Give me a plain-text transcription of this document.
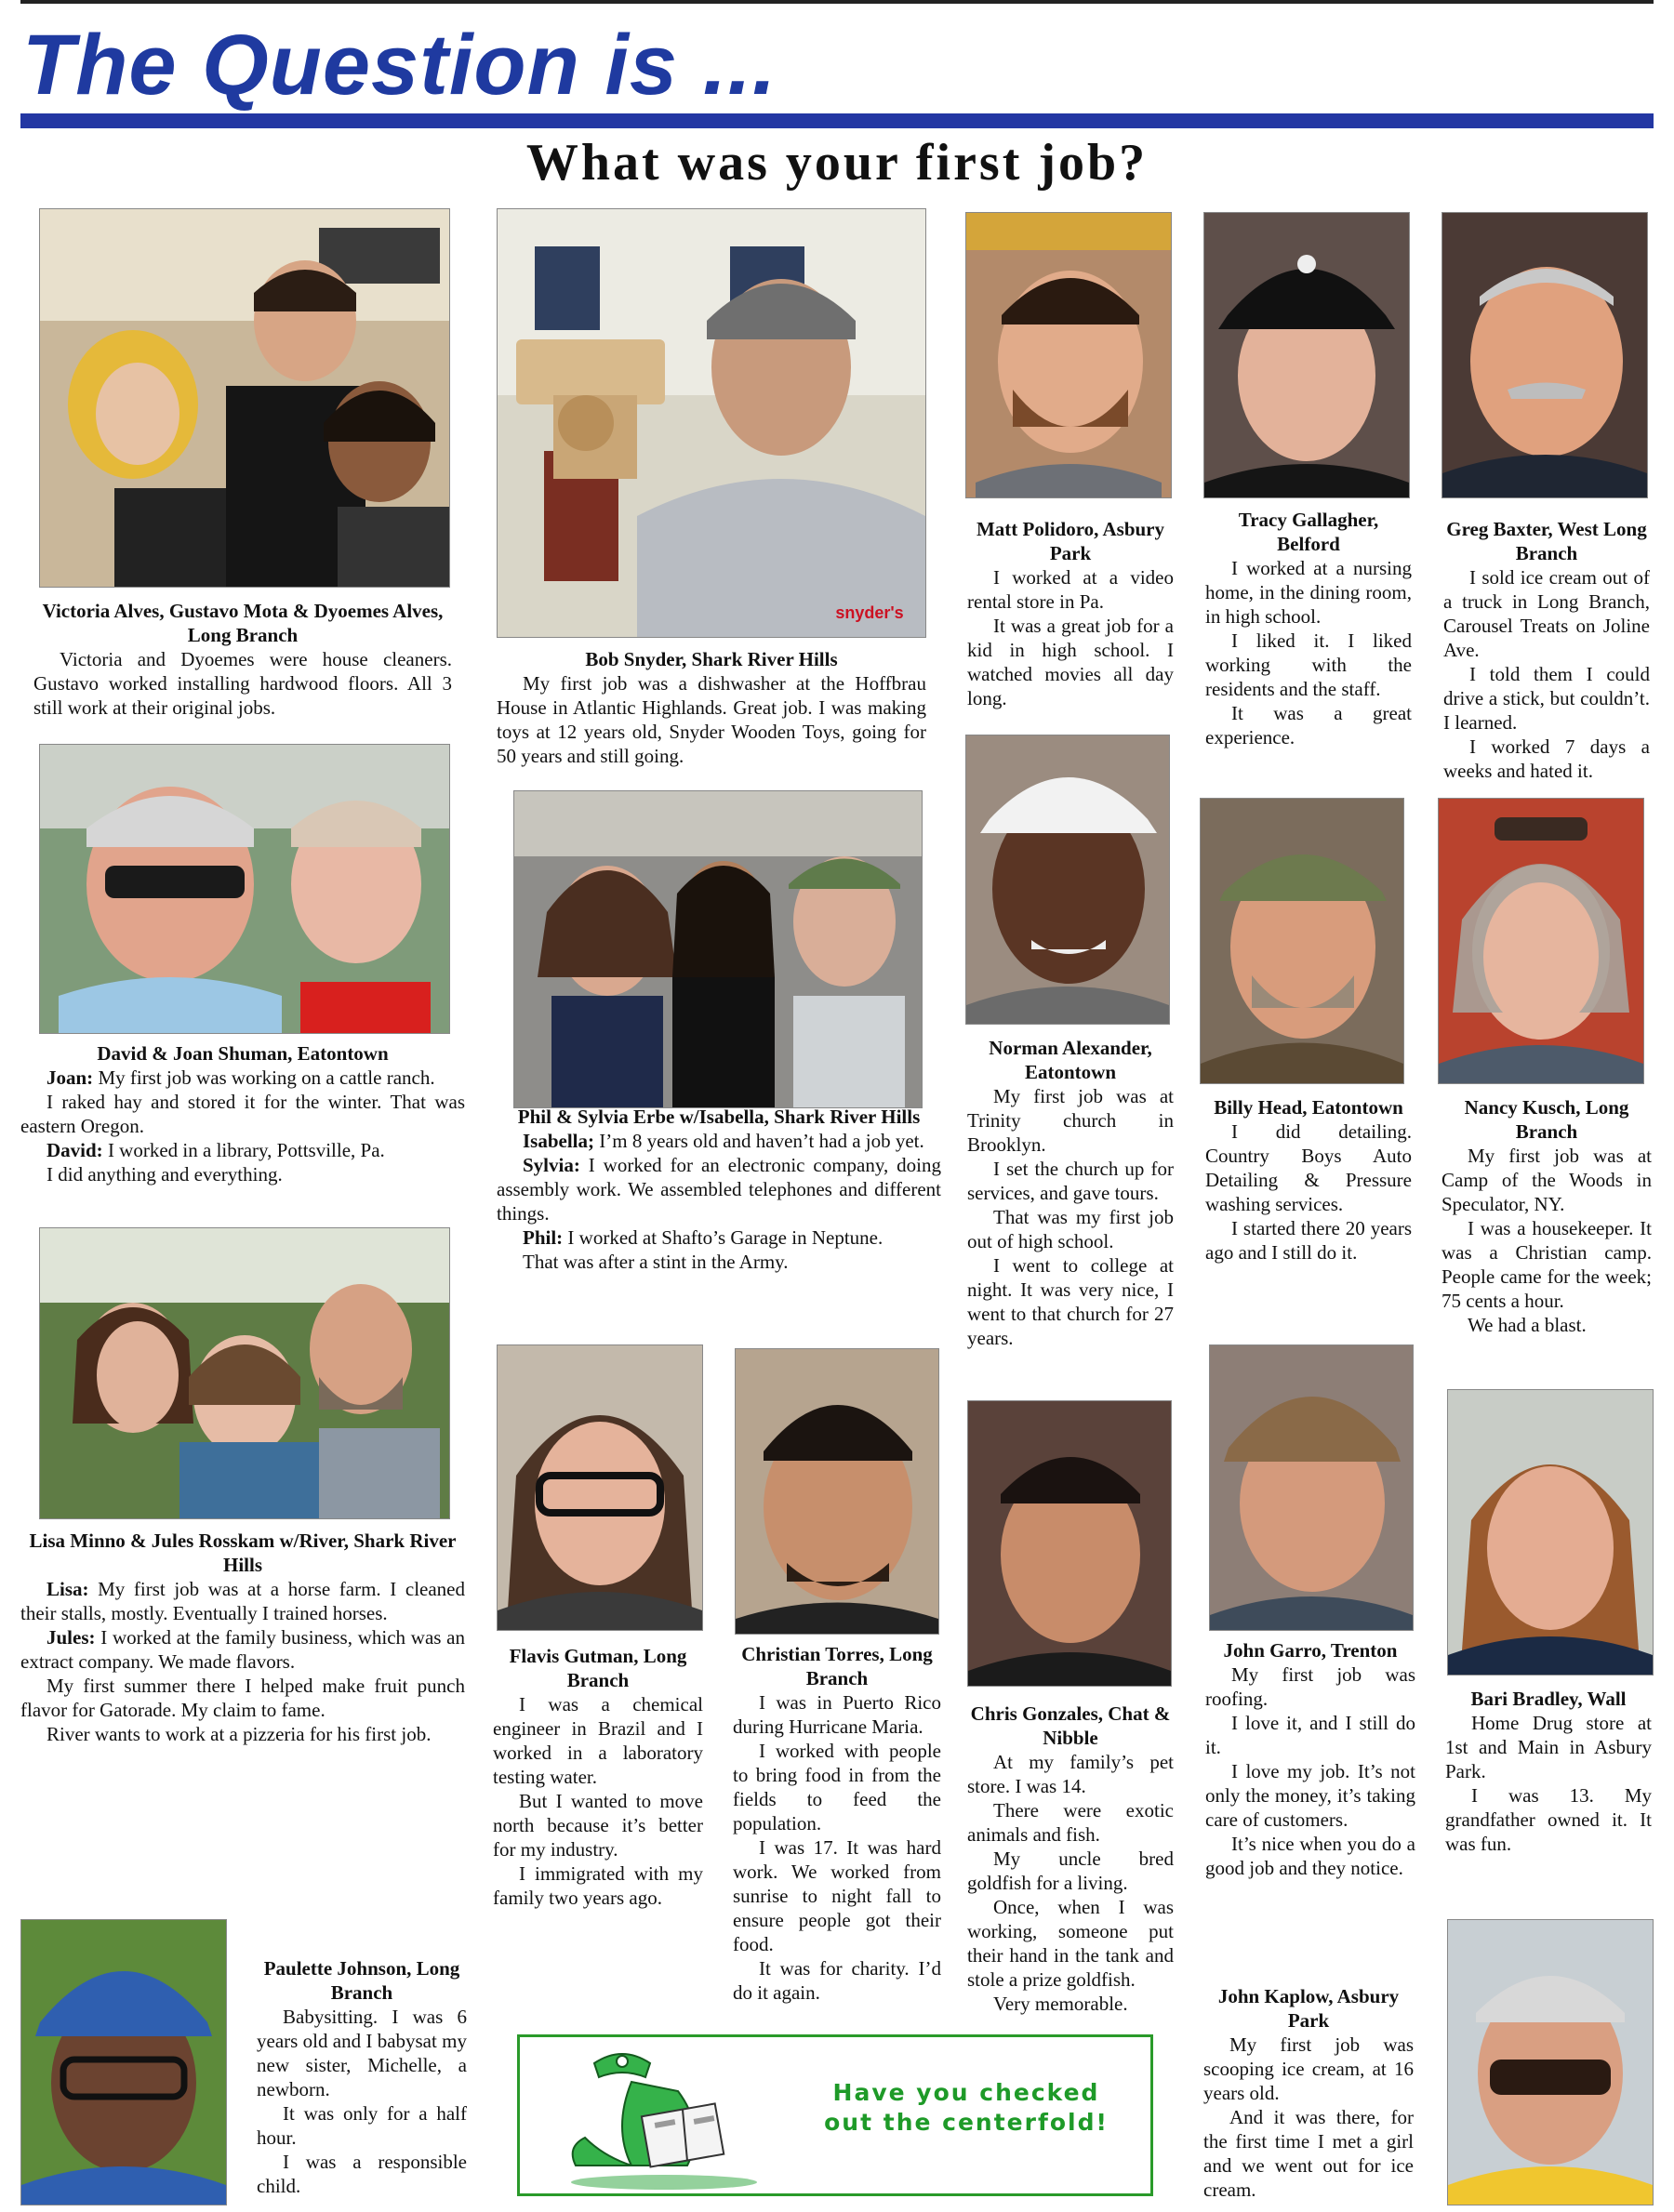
The Question is ...
What was your first job?
snyder's
Victoria Alves, Gustavo Mota & Dyoemes Alves, Long Branch
Victoria and Dyoemes were house cleaners. Gustavo worked installing hardwood floors. All 3 still work at their original jobs.
Bob Snyder, Shark River Hills
My first job was a dishwasher at the Hoffbrau House in Atlantic Highlands. Great job. I was making toys at 12 years old, Snyder Wooden Toys, going for 50 years and still going.
Matt Polidoro, Asbury Park
I worked at a video rental store in Pa.
It was a great job for a kid in high school. I watched movies all day long.
Tracy Gallagher, Belford
I worked at a nursing home, in the dining room, in high school.
I liked it. I liked working with the residents and the staff.
It was a great experience.
Greg Baxter, West Long Branch
I sold ice cream out of a truck in Long Branch, Carousel Treats on Joline Ave.
I told them I could drive a stick, but couldn’t. I learned.
I worked 7 days a weeks and hated it.
David & Joan Shuman, Eatontown
Joan: My first job was working on a cattle ranch.
I raked hay and stored it for the winter. That was eastern Oregon.
David: I worked in a library, Pottsville, Pa.
I did anything and everything.
Phil & Sylvia Erbe w/Isabella, Shark River Hills
Isabella; I’m 8 years old and haven’t had a job yet.
Sylvia: I worked for an electronic company, doing assembly work. We assembled telephones and different things.
Phil: I worked at Shafto’s Garage in Neptune.
That was after a stint in the Army.
Norman Alexander, Eatontown
My first job was at Trinity church in Brooklyn.
I set the church up for services, and gave tours.
That was my first job out of high school.
I went to college at night. It was very nice, I went to that church for 27 years.
Billy Head, Eatontown
I did detailing. Country Boys Auto Detailing & Pressure washing services.
I started there 20 years ago and I still do it.
Nancy Kusch, Long Branch
My first job was at Camp of the Woods in Speculator, NY.
I was a housekeeper. It was a Christian camp. People came for the week; 75 cents a hour.
We had a blast.
Lisa Minno & Jules Rosskam w/River, Shark River Hills
Lisa: My first job was at a horse farm. I cleaned their stalls, mostly. Eventually I trained horses.
Jules: I worked at the family business, which was an extract company. We made flavors.
My first summer there I helped make fruit punch flavor for Gatorade. My claim to fame.
River wants to work at a pizzeria for his first job.
Flavis Gutman, Long Branch
I was a chemical engineer in Brazil and I worked in a laboratory testing water.
But I wanted to move north because it’s better for my industry.
I immigrated with my family two years ago.
Christian Torres, Long Branch
I was in Puerto Rico during Hurricane Maria.
I worked with people to bring food in from the fields to feed the population.
I was 17. It was hard work. We worked from sunrise to night fall to ensure people got their food.
It was for charity. I’d do it again.
Chris Gonzales, Chat & Nibble
At my family’s pet store. I was 14.
There were exotic animals and fish.
My uncle bred goldfish for a living.
Once, when I was working, someone put their hand in the tank and stole a prize goldfish.
Very memorable.
John Garro, Trenton
My first job was roofing.
I love it, and I still do it.
I love my job. It’s not only the money, it’s taking care of customers.
It’s nice when you do a good job and they notice.
Bari Bradley, Wall
Home Drug store at 1st and Main in Asbury Park.
I was 13. My grandfather owned it. It was fun.
Paulette Johnson, Long Branch
Babysitting. I was 6 years old and I babysat my new sister, Michelle, a newborn.
It was only for a half hour.
I was a responsible child.
John Kaplow, Asbury Park
My first job was scooping ice cream, at 16 years old.
And it was there, for the first time I met a girl and we went out for ice cream.
Have you checked
out the centerfold!
